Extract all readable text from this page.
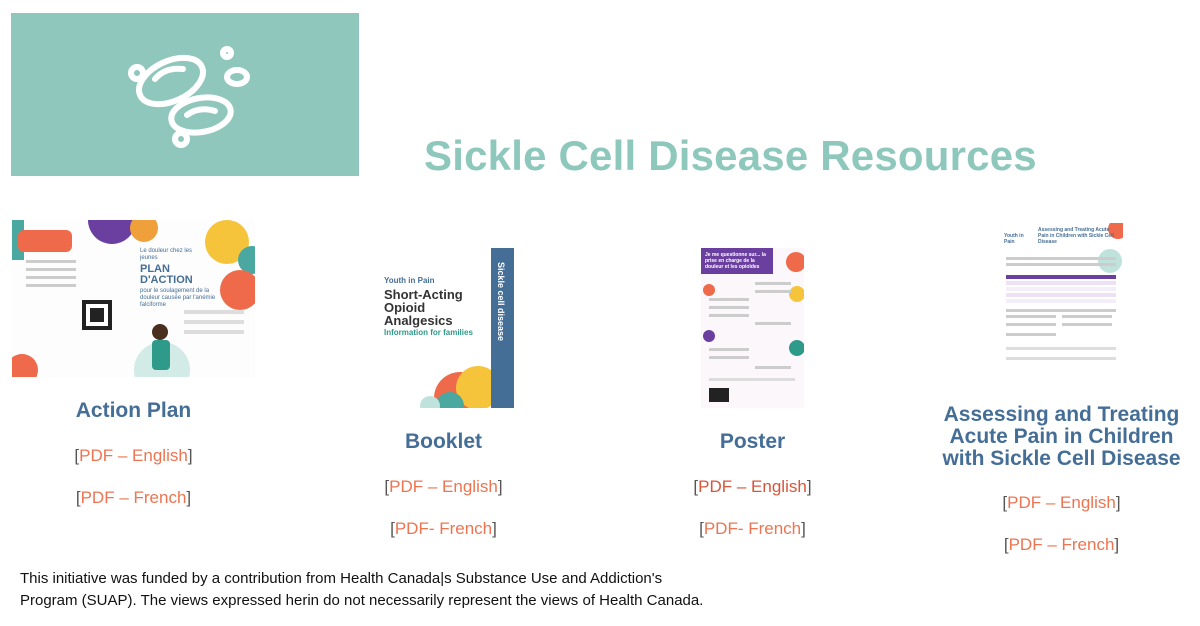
Sickle Cell Disease Resources
Le douleur chez les jeunes
PLAN D'ACTION
pour le soulagement de la douleur causée par l'anémie falciforme
Action Plan
[PDF – English]
[PDF – French]
Youth in Pain
Short-Acting Opioid Analgesics
Information for families	Sickle cell disease
Booklet
[PDF – English]
[PDF- French]
Je me questionne sur... la prise en charge de la douleur et les opioïdes
Poster
[PDF – English]
[PDF- French]
Youth in Pain
Assessing and Treating Acute Pain in Children with Sickle Cell Disease
Assessing and Treating Acute Pain in Children with Sickle Cell Disease
[PDF – English]
[PDF – French]

This initiative was funded by a contribution from Health Canada|s Substance Use and Addiction's
Program (SUAP). The views expressed herin do not necessarily represent the views of Health Canada.
